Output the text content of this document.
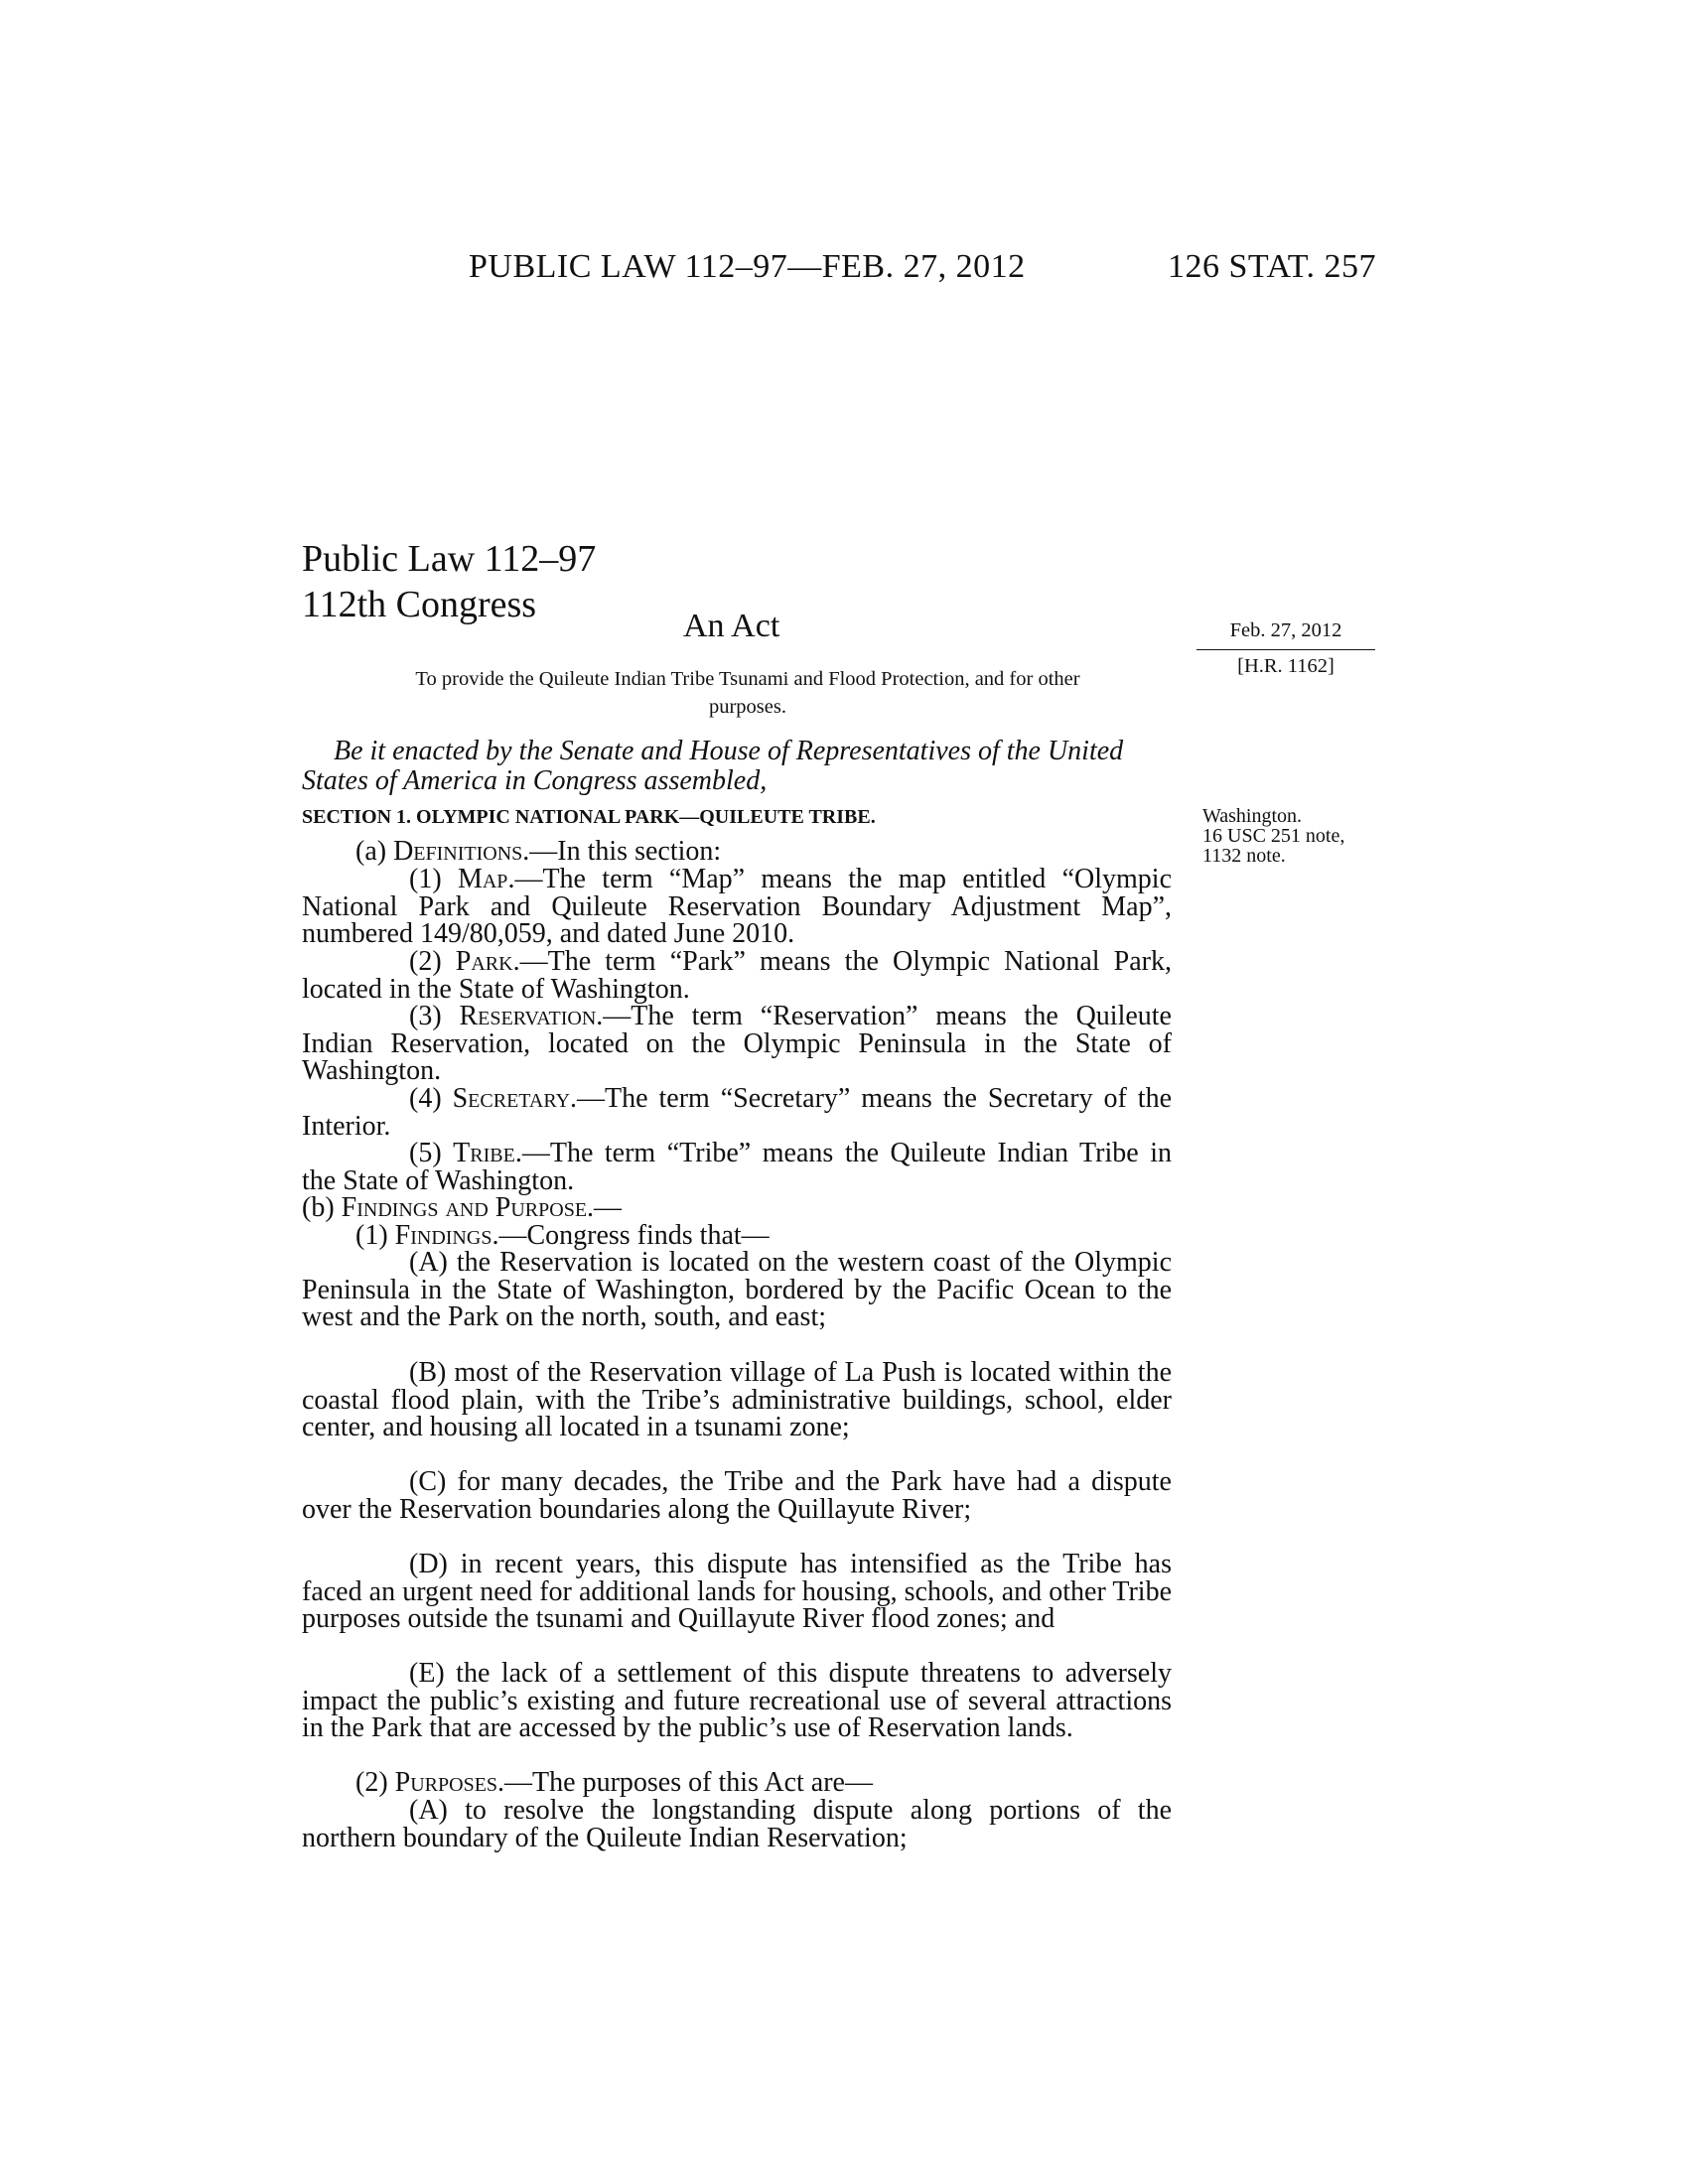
PUBLIC LAW 112–97—FEB. 27, 2012	126 STAT. 257
Public Law 112–97
112th Congress
An Act
To provide the Quileute Indian Tribe Tsunami and Flood Protection, and for other
purposes.
Feb. 27, 2012
[H.R. 1162]
Be it enacted by the Senate and House of Representatives of the United States of America in Congress assembled,
SECTION 1. OLYMPIC NATIONAL PARK—QUILEUTE TRIBE.	Washington.
16 USC 251 note,
1132 note.

(a) Definitions.—In this section:

(1) Map.—The term “Map” means the map entitled “Olympic National Park and Quileute Reservation Boundary Adjustment Map”, numbered 149/80,059, and dated June 2010.

(2) Park.—The term “Park” means the Olympic National Park, located in the State of Washington.

(3) Reservation.—The term “Reservation” means the Quileute Indian Reservation, located on the Olympic Peninsula in the State of Washington.

(4) Secretary.—The term “Secretary” means the Secretary of the Interior.

(5) Tribe.—The term “Tribe” means the Quileute Indian Tribe in the State of Washington.

(b) Findings and Purpose.—

(1) Findings.—Congress finds that—

(A) the Reservation is located on the western coast of the Olympic Peninsula in the State of Washington, bordered by the Pacific Ocean to the west and the Park on the north, south, and east;

(B) most of the Reservation village of La Push is located within the coastal flood plain, with the Tribe’s administrative buildings, school, elder center, and housing all located in a tsunami zone;

(C) for many decades, the Tribe and the Park have had a dispute over the Reservation boundaries along the Quillayute River;

(D) in recent years, this dispute has intensified as the Tribe has faced an urgent need for additional lands for housing, schools, and other Tribe purposes outside the tsunami and Quillayute River flood zones; and

(E) the lack of a settlement of this dispute threatens to adversely impact the public’s existing and future recreational use of several attractions in the Park that are accessed by the public’s use of Reservation lands.

(2) Purposes.—The purposes of this Act are—

(A) to resolve the longstanding dispute along portions of the northern boundary of the Quileute Indian Reservation;
